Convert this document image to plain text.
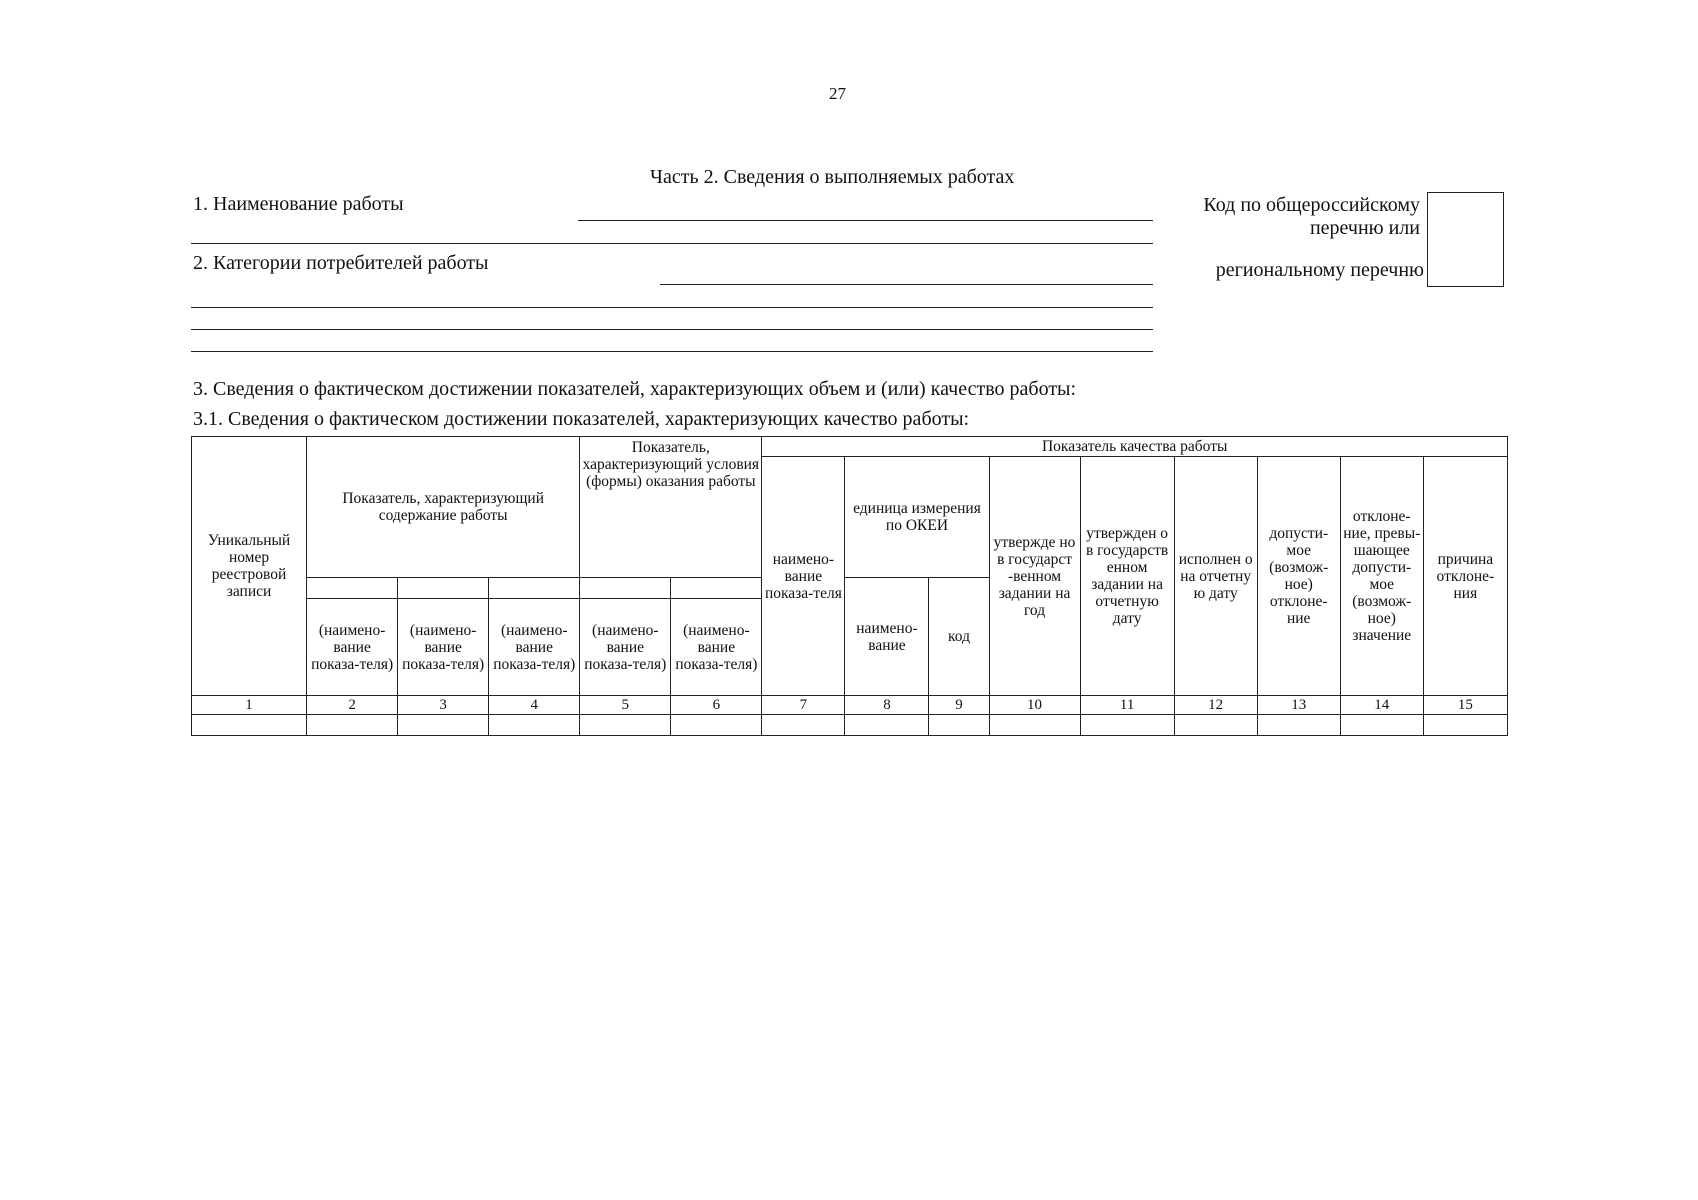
27
Часть 2. Сведения о выполняемых работах
1. Наименование работы
2. Категории потребителей работы
Код по общероссийскому
перечню или
региональному перечню
3. Сведения о фактическом достижении показателей, характеризующих объем и (или) качество работы:
3.1. Сведения о фактическом достижении показателей, характеризующих качество работы:
Уникальный номер реестровой записи	Показатель, характеризующий содержание работы			Показатель, характеризующий условия (формы) оказания работы		Показатель качества работы								
						наимено-вание показа-теля	единица измерения по ОКЕИ		утвержде но в государст -венном задании на год	утвержден о в государств енном задании на отчетную дату	исполнен о на отчетну ю дату	допусти-мое (возмож-ное) отклоне-ние	отклоне-ние, превы-шающее допусти-мое (возмож-ное) значение	причина отклоне-ния
							наимено-вание	код						
	(наимено-вание показа-теля)	(наимено-вание показа-теля)	(наимено-вание показа-теля)	(наимено-вание показа-теля)	(наимено-вание показа-теля)									
1	2	3	4	5	6	7	8	9	10	11	12	13	14	15
